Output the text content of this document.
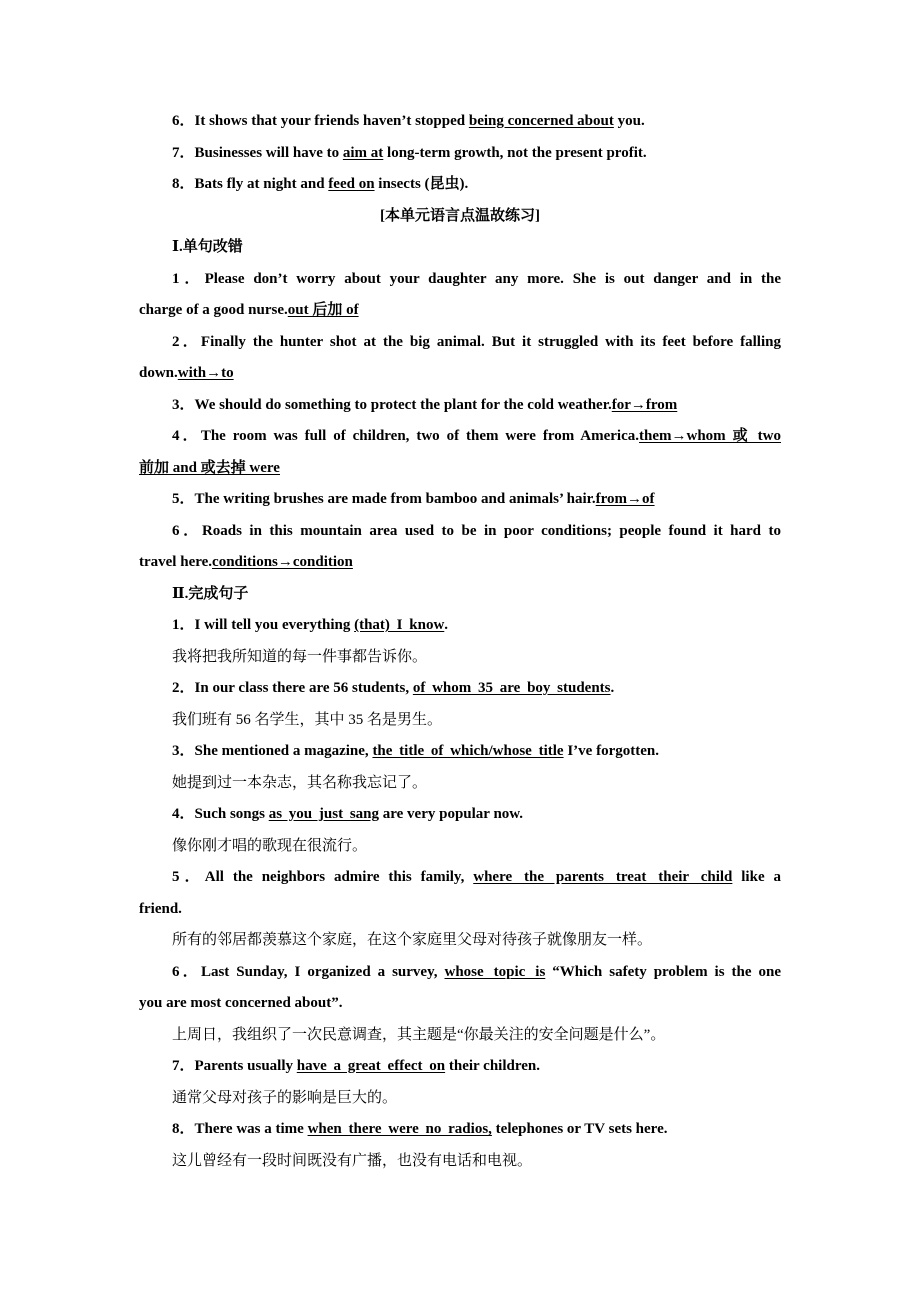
6．It shows that your friends haven’t stopped being concerned about you.
7．Businesses will have to aim at long-term growth, not the present profit.
8．Bats fly at night and feed on insects (昆虫).
[本单元语言点温故练习]
Ⅰ.单句改错
1．Please don’t worry about your daughter any more. She is out danger and in the
charge of a good nurse.out 后加 of
2．Finally the hunter shot at the big animal. But it struggled with its feet before falling
down.with→to
3．We should do something to protect the plant for the cold weather.for→from
4．The room was full of children, two of them were from America.them→whom 或 two
前加 and 或去掉 were
5．The writing brushes are made from bamboo and animals’ hair.from→of
6．Roads in this mountain area used to be in poor conditions; people found it hard to
travel here.conditions→condition
Ⅱ.完成句子
1．I will tell you everything (that) I know.
我将把我所知道的每一件事都告诉你。
2．In our class there are 56 students, of whom 35 are boy students.
我们班有 56 名学生，其中 35 名是男生。
3．She mentioned a magazine, the title of which/whose title I’ve forgotten.
她提到过一本杂志，其名称我忘记了。
4．Such songs as you just sang are very popular now.
像你刚才唱的歌现在很流行。
5．All the neighbors admire this family, where the parents treat their child like a
friend.
所有的邻居都羡慕这个家庭，在这个家庭里父母对待孩子就像朋友一样。
6．Last Sunday, I organized a survey, whose topic is “Which safety problem is the one
you are most concerned about”.
上周日，我组织了一次民意调查，其主题是“你最关注的安全问题是什么”。
7．Parents usually have a great effect on their children.
通常父母对孩子的影响是巨大的。
8．There was a time when there were no radios, telephones or TV sets here.
这儿曾经有一段时间既没有广播，也没有电话和电视。
